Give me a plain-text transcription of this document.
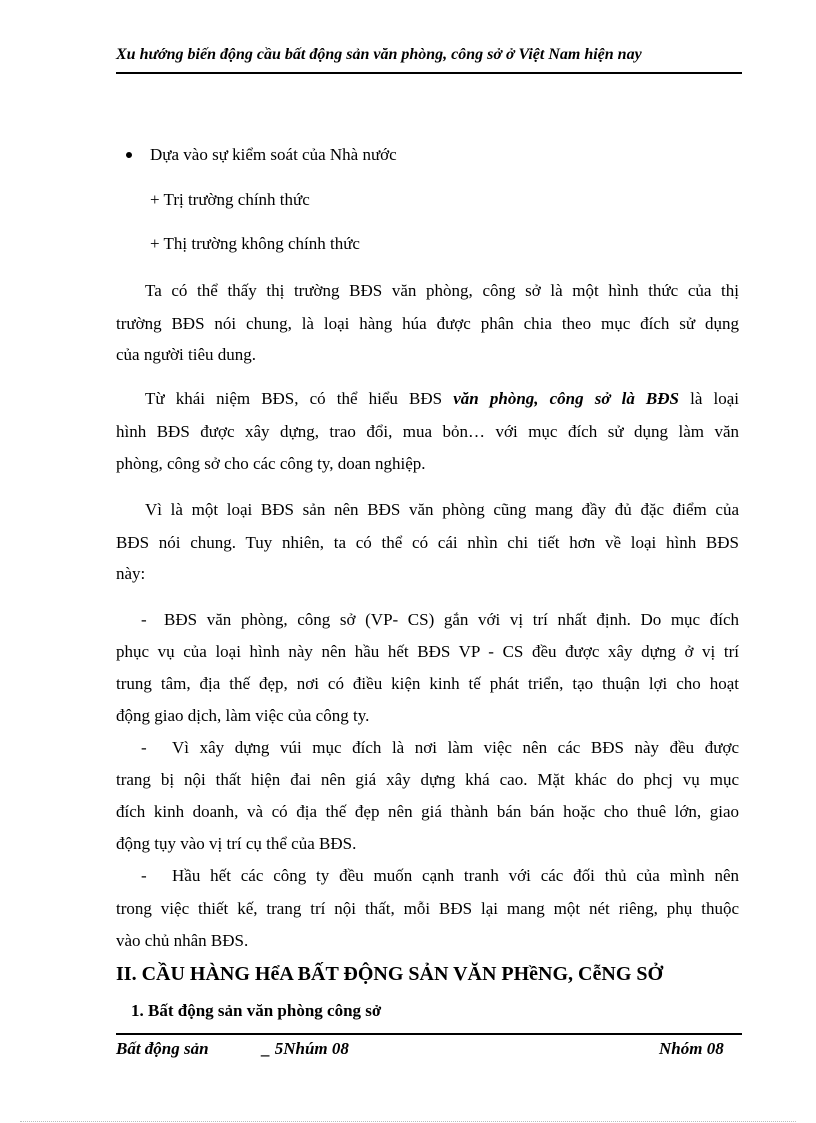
Xu hướng biến động cầu bất động sản văn phòng, công sở ở Việt Nam hiện nay
Dựa vào sự kiểm soát của Nhà nước
+ Trị trường chính thức
+ Thị trường không chính thức
Ta có thể thấy thị trường BĐS văn phòng, công sở là một hình thức của thị
trường BĐS nói chung, là loại hàng húa được phân chia theo mục đích sử dụng
của người tiêu dung.
Từ khái niệm BĐS, có thể hiểu BĐS văn phòng, công sở là BĐS là loại
hình BĐS được xây dựng, trao đổi, mua bỏn… với mục đích sử dụng làm văn
phòng, công sở cho các công ty, doan nghiệp.
Vì là một loại BĐS sản nên BĐS văn phòng cũng mang đầy đủ đặc điểm của
BĐS nói chung. Tuy nhiên, ta có thể có cái nhìn chi tiết hơn về loại hình BĐS
này:
- BĐS văn phòng, công sở (VP- CS) gắn với vị trí nhất định. Do mục đích
phục vụ của loại hình này nên hầu hết BĐS VP - CS đều được xây dựng ở vị trí
trung tâm, địa thế đẹp, nơi có điều kiện kinh tế phát triển, tạo thuận lợi cho hoạt
động giao dịch, làm việc của công ty.
- Vì xây dựng vúi mục đích là nơi làm việc nên các BĐS này đều được
trang bị nội thất hiện đai nên giá xây dựng khá cao. Mặt khác do phcj vụ mục
đích kinh doanh, và có địa thế đẹp nên giá thành bán bán hoặc cho thuê lớn, giao
động tụy vào vị trí cụ thể của BĐS.
- Hầu hết các công ty đều muốn cạnh tranh với các đối thủ của mình nên
trong việc thiết kế, trang trí nội thất, mỗi BĐS lại mang một nét riêng, phụ thuộc
vào chủ nhân BĐS.
II. CẦU HÀNG HểA BẤT ĐỘNG SẢN VĂN PHềNG, CễNG SỞ
1. Bất động sản văn phòng công sở
Bất động sản	_ 5Nhúm 08	Nhóm 08
